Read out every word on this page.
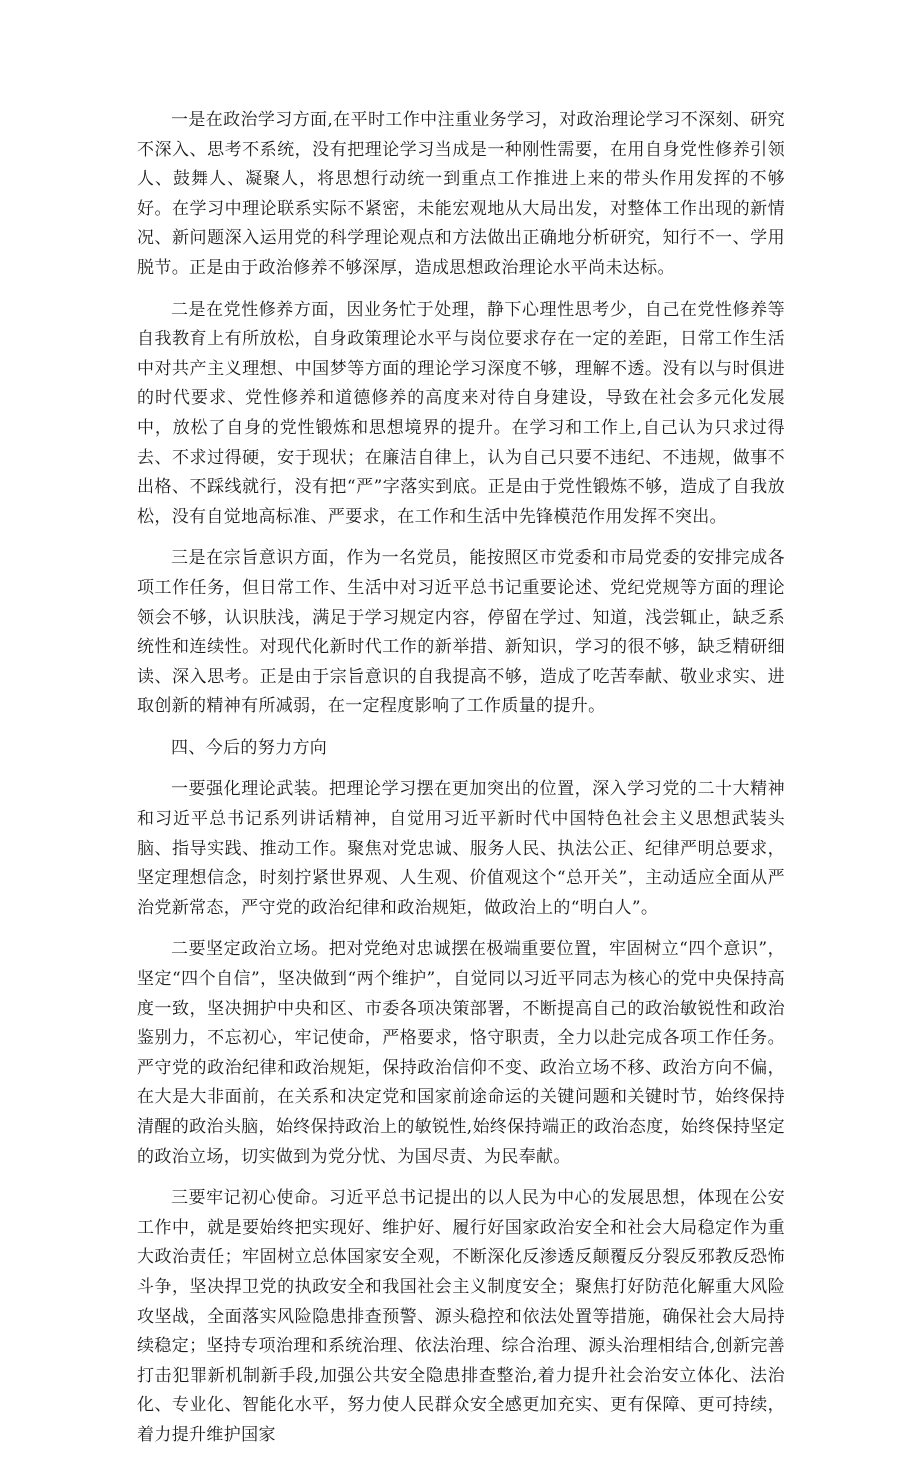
一是在政治学习方面,在平时工作中注重业务学习，对政治理论学习不深刻、研究不深入、思考不系统，没有把理论学习当成是一种刚性需要，在用自身党性修养引领人、鼓舞人、凝聚人，将思想行动统一到重点工作推进上来的带头作用发挥的不够好。在学习中理论联系实际不紧密，未能宏观地从大局出发，对整体工作出现的新情况、新问题深入运用党的科学理论观点和方法做出正确地分析研究，知行不一、学用脱节。正是由于政治修养不够深厚，造成思想政治理论水平尚未达标。

二是在党性修养方面，因业务忙于处理，静下心理性思考少，自己在党性修养等自我教育上有所放松，自身政策理论水平与岗位要求存在一定的差距，日常工作生活中对共产主义理想、中国梦等方面的理论学习深度不够，理解不透。没有以与时俱进的时代要求、党性修养和道德修养的高度来对待自身建设，导致在社会多元化发展中，放松了自身的党性锻炼和思想境界的提升。在学习和工作上,自己认为只求过得去、不求过得硬，安于现状；在廉洁自律上，认为自己只要不违纪、不违规，做事不出格、不踩线就行，没有把“严”字落实到底。正是由于党性锻炼不够，造成了自我放松，没有自觉地高标准、严要求，在工作和生活中先锋模范作用发挥不突出。

三是在宗旨意识方面，作为一名党员，能按照区市党委和市局党委的安排完成各项工作任务，但日常工作、生活中对习近平总书记重要论述、党纪党规等方面的理论领会不够，认识肤浅，满足于学习规定内容，停留在学过、知道，浅尝辄止，缺乏系统性和连续性。对现代化新时代工作的新举措、新知识，学习的很不够，缺乏精研细读、深入思考。正是由于宗旨意识的自我提高不够，造成了吃苦奉献、敬业求实、进取创新的精神有所减弱，在一定程度影响了工作质量的提升。

四、今后的努力方向

一要强化理论武装。把理论学习摆在更加突出的位置，深入学习党的二十大精神和习近平总书记系列讲话精神，自觉用习近平新时代中国特色社会主义思想武装头脑、指导实践、推动工作。聚焦对党忠诚、服务人民、执法公正、纪律严明总要求，坚定理想信念，时刻拧紧世界观、人生观、价值观这个“总开关”，主动适应全面从严治党新常态，严守党的政治纪律和政治规矩，做政治上的“明白人”。

二要坚定政治立场。把对党绝对忠诚摆在极端重要位置，牢固树立“四个意识”，坚定“四个自信”，坚决做到“两个维护”，自觉同以习近平同志为核心的党中央保持高度一致，坚决拥护中央和区、市委各项决策部署，不断提高自己的政治敏锐性和政治鉴别力，不忘初心，牢记使命，严格要求，恪守职责，全力以赴完成各项工作任务。严守党的政治纪律和政治规矩，保持政治信仰不变、政治立场不移、政治方向不偏，在大是大非面前，在关系和决定党和国家前途命运的关键问题和关键时节，始终保持清醒的政治头脑，始终保持政治上的敏锐性,始终保持端正的政治态度，始终保持坚定的政治立场，切实做到为党分忧、为国尽责、为民奉献。

三要牢记初心使命。习近平总书记提出的以人民为中心的发展思想，体现在公安工作中，就是要始终把实现好、维护好、履行好国家政治安全和社会大局稳定作为重大政治责任；牢固树立总体国家安全观，不断深化反渗透反颠覆反分裂反邪教反恐怖斗争，坚决捍卫党的执政安全和我国社会主义制度安全；聚焦打好防范化解重大风险攻坚战，全面落实风险隐患排查预警、源头稳控和依法处置等措施，确保社会大局持续稳定；坚持专项治理和系统治理、依法治理、综合治理、源头治理相结合,创新完善打击犯罪新机制新手段,加强公共安全隐患排查整治,着力提升社会治安立体化、法治化、专业化、智能化水平，努力使人民群众安全感更加充实、更有保障、更可持续，着力提升维护国家
